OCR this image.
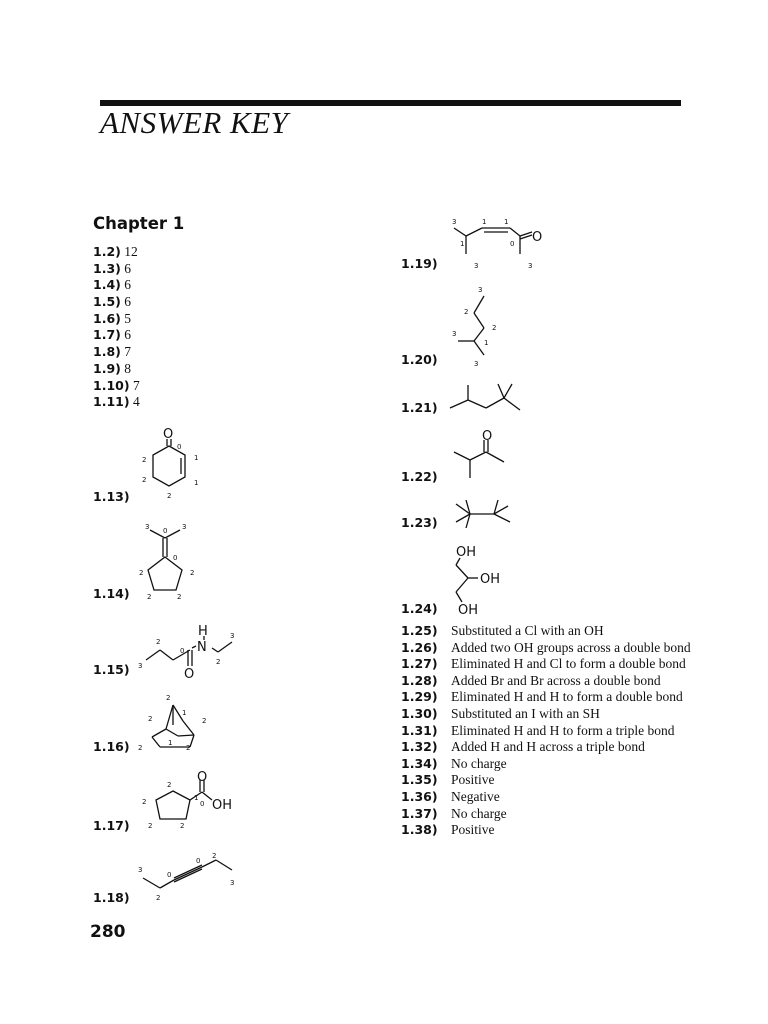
ANSWER KEY
Chapter 1
1.2) 12
1.3) 6
1.4) 6
1.5) 6
1.6) 5
1.7) 6
1.8) 7
1.9) 8
1.10) 7
1.11) 4
1.13)
1.14)
1.15)
1.16)
1.17)
1.18)
1.19)
1.20)
1.21)
1.22)
1.23)
1.24)
O
2
0
1
2	1
2
3 0 3
0
2	2
2	2
N
H
O
2
3
0
2
3
2
1
2	2
2
1
2
O
OH
2
1
0
2
2	2
3
0
0
2
3
2
O
3	1	1
1	0
3	3
3
2
2
3
1
3
O
OH
OH
OH
1.25) Substituted a Cl with an OH
1.26) Added two OH groups across a double bond
1.27) Eliminated H and Cl to form a double bond
1.28) Added Br and Br across a double bond
1.29) Eliminated H and H to form a double bond
1.30) Substituted an I with an SH
1.31) Eliminated H and H to form a triple bond
1.32) Added H and H across a triple bond
1.34) No charge
1.35) Positive
1.36) Negative
1.37) No charge
1.38) Positive
280
